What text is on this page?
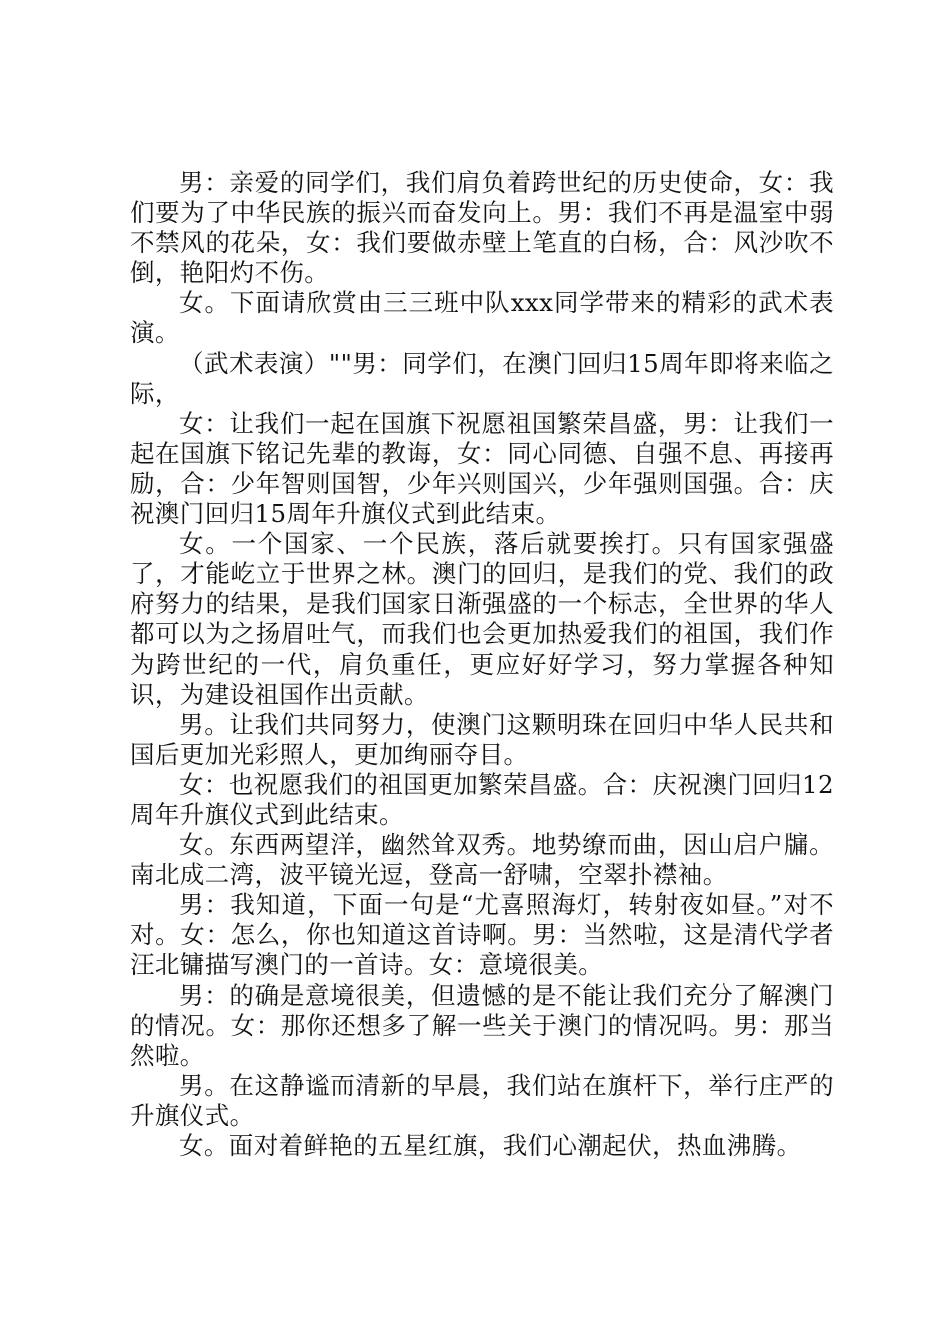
男：亲爱的同学们，我们肩负着跨世纪的历史使命，女：我们要为了中华民族的振兴而奋发向上。男：我们不再是温室中弱不禁风的花朵，女：我们要做赤壁上笔直的白杨，合：风沙吹不倒，艳阳灼不伤。

女。下面请欣赏由三三班中队xxx同学带来的精彩的武术表演。

（武术表演）""男：同学们，在澳门回归15周年即将来临之际，

女：让我们一起在国旗下祝愿祖国繁荣昌盛，男：让我们一起在国旗下铭记先辈的教诲，女：同心同德、自强不息、再接再励，合：少年智则国智，少年兴则国兴，少年强则国强。合：庆祝澳门回归15周年升旗仪式到此结束。

女。一个国家、一个民族，落后就要挨打。只有国家强盛了，才能屹立于世界之林。澳门的回归，是我们的党、我们的政府努力的结果，是我们国家日渐强盛的一个标志，全世界的华人都可以为之扬眉吐气，而我们也会更加热爱我们的祖国，我们作为跨世纪的一代，肩负重任，更应好好学习，努力掌握各种知识，为建设祖国作出贡献。

男。让我们共同努力，使澳门这颗明珠在回归中华人民共和国后更加光彩照人，更加绚丽夺目。

女：也祝愿我们的祖国更加繁荣昌盛。合：庆祝澳门回归12周年升旗仪式到此结束。

女。东西两望洋，幽然耸双秀。地势缭而曲，因山启户牖。南北成二湾，波平镜光逗，登高一舒啸，空翠扑襟袖。

男：我知道，下面一句是“尤喜照海灯，转射夜如昼。”对不对。女：怎么，你也知道这首诗啊。男：当然啦，这是清代学者汪北镛描写澳门的一首诗。女：意境很美。

男：的确是意境很美，但遗憾的是不能让我们充分了解澳门的情况。女：那你还想多了解一些关于澳门的情况吗。男：那当然啦。

男。在这静谧而清新的早晨，我们站在旗杆下，举行庄严的升旗仪式。

女。面对着鲜艳的五星红旗，我们心潮起伏，热血沸腾。
